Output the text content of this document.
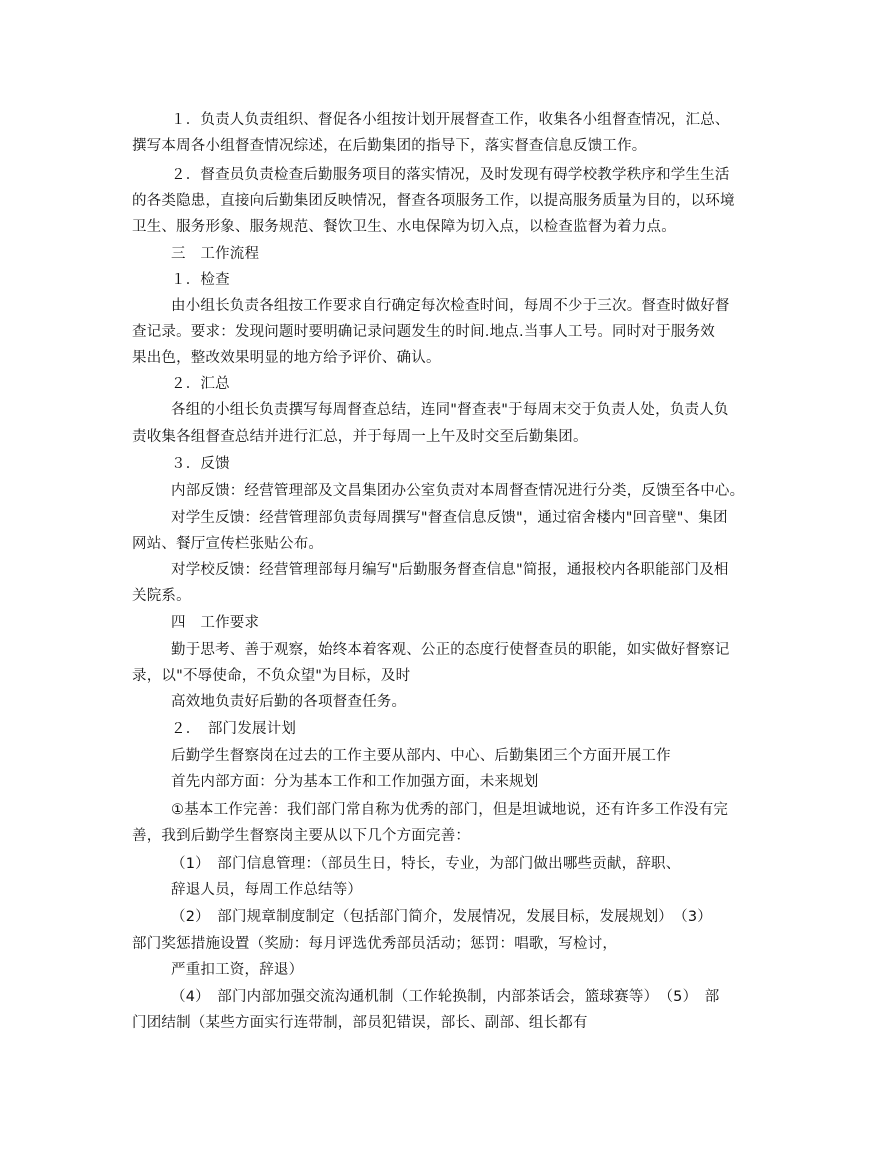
１．负责人负责组织、督促各小组按计划开展督查工作，收集各小组督查情况，汇总、
撰写本周各小组督查情况综述，在后勤集团的指导下，落实督查信息反馈工作。
２．督查员负责检查后勤服务项目的落实情况，及时发现有碍学校教学秩序和学生生活
的各类隐患，直接向后勤集团反映情况，督查各项服务工作，以提高服务质量为目的，以环境
卫生、服务形象、服务规范、餐饮卫生、水电保障为切入点，以检查监督为着力点。
三　工作流程
１．检查
由小组长负责各组按工作要求自行确定每次检查时间，每周不少于三次。督查时做好督
查记录。要求：发现问题时要明确记录问题发生的时间.地点.当事人工号。同时对于服务效
果出色，整改效果明显的地方给予评价、确认。
２．汇总
各组的小组长负责撰写每周督查总结，连同"督查表"于每周末交于负责人处，负责人负
责收集各组督查总结并进行汇总，并于每周一上午及时交至后勤集团。
３．反馈
内部反馈：经营管理部及文昌集团办公室负责对本周督查情况进行分类，反馈至各中心。
对学生反馈：经营管理部负责每周撰写"督查信息反馈"，通过宿舍楼内"回音壁"、集团
网站、餐厅宣传栏张贴公布。
对学校反馈：经营管理部每月编写"后勤服务督查信息"简报，通报校内各职能部门及相
关院系。
四　工作要求
勤于思考、善于观察，始终本着客观、公正的态度行使督查员的职能，如实做好督察记
录，以"不辱使命，不负众望"为目标，及时
高效地负责好后勤的各项督查任务。
２．　部门发展计划
后勤学生督察岗在过去的工作主要从部内、中心、后勤集团三个方面开展工作
首先内部方面：分为基本工作和工作加强方面，未来规划
①基本工作完善：我们部门常自称为优秀的部门，但是坦诚地说，还有许多工作没有完
善，我到后勤学生督察岗主要从以下几个方面完善：
（1）　部门信息管理：（部员生日，特长，专业，为部门做出哪些贡献，辞职、
辞退人员，每周工作总结等）
（2）　部门规章制度制定（包括部门简介，发展情况，发展目标，发展规划）　（3）
部门奖惩措施设置（奖励：每月评选优秀部员活动；惩罚：唱歌，写检讨，
严重扣工资，辞退）
（4）　部门内部加强交流沟通机制（工作轮换制，内部茶话会，篮球赛等）　（5）　部
门团结制（某些方面实行连带制，部员犯错误，部长、副部、组长都有
